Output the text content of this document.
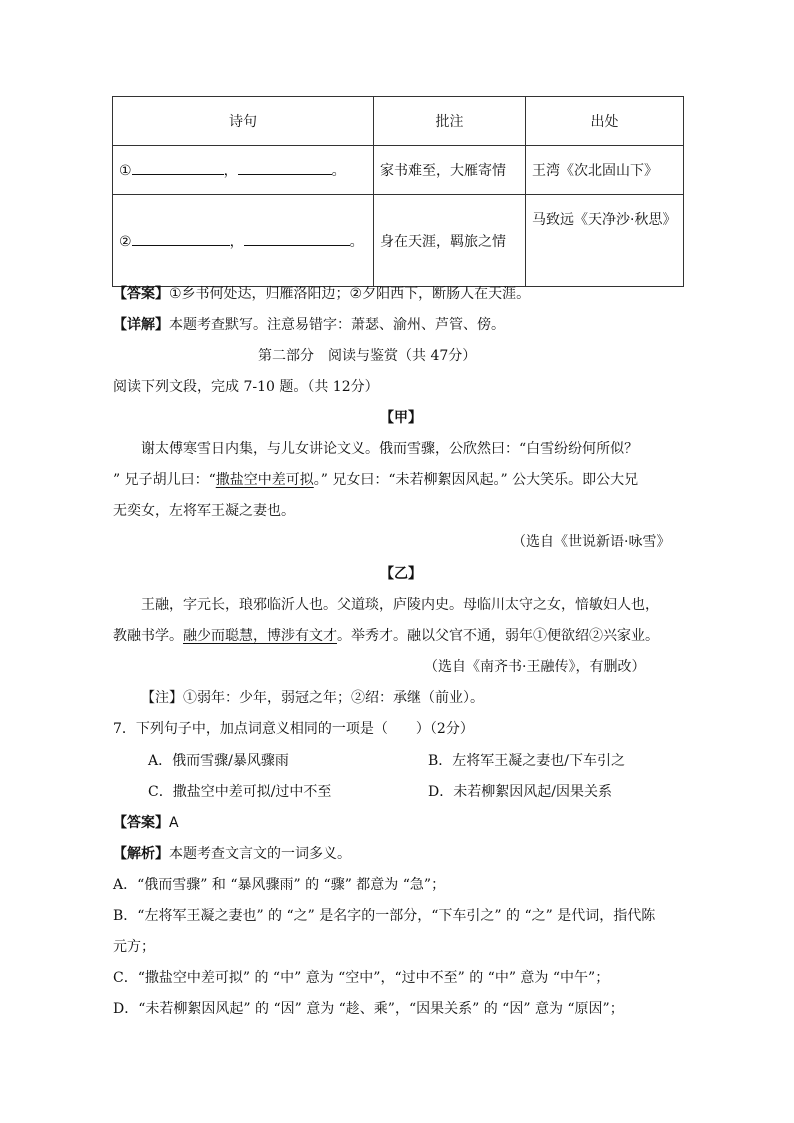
诗句	批注	出处
① ， 。	家书难至，大雁寄情	王湾《次北固山下》
② ， 。	身在天涯，羁旅之情	马致远《天净沙·秋思》
【答案】①乡书何处达，归雁洛阳边；②夕阳西下，断肠人在天涯。
【详解】本题考查默写。注意易错字：萧瑟、渝州、芦管、傍。
第二部分　阅读与鉴赏（共 47分）
阅读下列文段，完成 7-10 题。（共 12分）
【甲】
谢太傅寒雪日内集，与儿女讲论文义。俄而雪骤，公欣然曰：“白雪纷纷何所似？
” 兄子胡儿曰：“撒盐空中差可拟。” 兄女曰：“未若柳絮因风起。” 公大笑乐。即公大兄
无奕女，左将军王凝之妻也。
（选自《世说新语·咏雪》
【乙】
王融，字元长，琅邪临沂人也。父道琰，庐陵内史。母临川太守之女，愔敏妇人也，
教融书学。融少而聪慧，博涉有文才。举秀才。融以父官不通，弱年①便欲绍②兴家业。
（选自《南齐书·王融传》，有删改）
【注】①弱年：少年，弱冠之年；②绍：承继（前业）。
7．下列句子中，加点词意义相同的一项是（　　）（2分）
A．俄而雪骤/暴风骤雨	B．左将军王凝之妻也/下车引之
C．撒盐空中差可拟/过中不至	D．未若柳絮因风起/因果关系
【答案】A
【解析】本题考查文言文的一词多义。
A．“俄而雪骤” 和 “暴风骤雨” 的 “骤” 都意为 “急”；
B．“左将军王凝之妻也” 的 “之” 是名字的一部分，“下车引之” 的 “之” 是代词，指代陈
元方；
C．“撒盐空中差可拟” 的 “中” 意为 “空中”，“过中不至” 的 “中” 意为 “中午”；
D．“未若柳絮因风起” 的 “因” 意为 “趁、乘”，“因果关系” 的 “因” 意为 “原因”；
